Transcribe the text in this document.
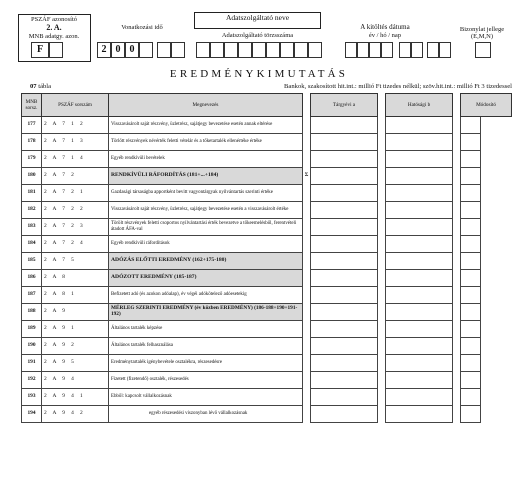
PSZÁF azonosító
2. A.
MNB adatgy. azon.
F
Vonatkozási idő
2 0 0
Adatszolgáltató neve
Adatszolgáltató törzsszáma
A kitöltés dátuma
év / hó / nap
Bizonylat jellege (E,M,N)
EREDMÉNYKIMUTATÁS
07 tábla	Bankok, szakosított hit.int.: millió Ft tizedes nélkül; szöv.hit.int.: millió Ft 3 tizedessel
MNB sorsz.	PSZÁF sorszám	Megnevezés		Tárgyévi a		Hatósági b		Módosító	
177	2 A 7 1 2	Visszavásárolt saját részvény, üzletrész, sajátjegy bevezetése esetén annak eltérése							
178	2 A 7 1 3	Törlött részvények névérték feletti vételár és a tőketartalék ellenértéke értéke							
179	2 A 7 1 4	Egyéb rendkívüli bevételek							
180	2 A 7 2	RENDKÍVÜLI RÁFORDÍTÁS (181+...+184)	Σ						
181	2 A 7 2 1	Gazdasági társaságba apportként bevitt vagyontárgyak nyilvántartás szerinti értéke							
182	2 A 7 2 2	Visszavásárolt saját részvény, üzletrész, sajátjegy bevezetése esetén a visszavásárolt értéke							
183	2 A 7 2 3	Törölt részvények feletti csoportos nyilvántartási érték bevezetve a tőkeemelésből, ferentvételi átadott ÁFA-val							
184	2 A 7 2 4	Egyéb rendkívüli ráfordítások							
185	2 A 7 5	ADÓZÁS ELŐTTI EREDMÉNY (162+175-180)							
186	2 A 8	ADÓZOTT EREDMÉNY (185-187)							
187	2 A 8 1	Befizetett adó (és azokon adóalap), év végéi adókötelező adóesetekig							
188	2 A 9	MÉRLEG SZERINTI EREDMÉNY (év közben EREDMÉNY) (186-188+190+191-192)							
189	2 A 9 1	Általános tartalék képzése							
190	2 A 9 2	Általános tartalék felhasználása							
191	2 A 9 5	Eredménytartalék igénybevétele osztalékra, részesedésre							
192	2 A 9 4	Fizetett (fizetendő) osztalék, részesedés							
193	2 A 9 4 1	Ebből: kapcsolt vállalkozásnak							
194	2 A 9 4 2	egyéb részesedési viszonyban lévő vállalkozásnak							
